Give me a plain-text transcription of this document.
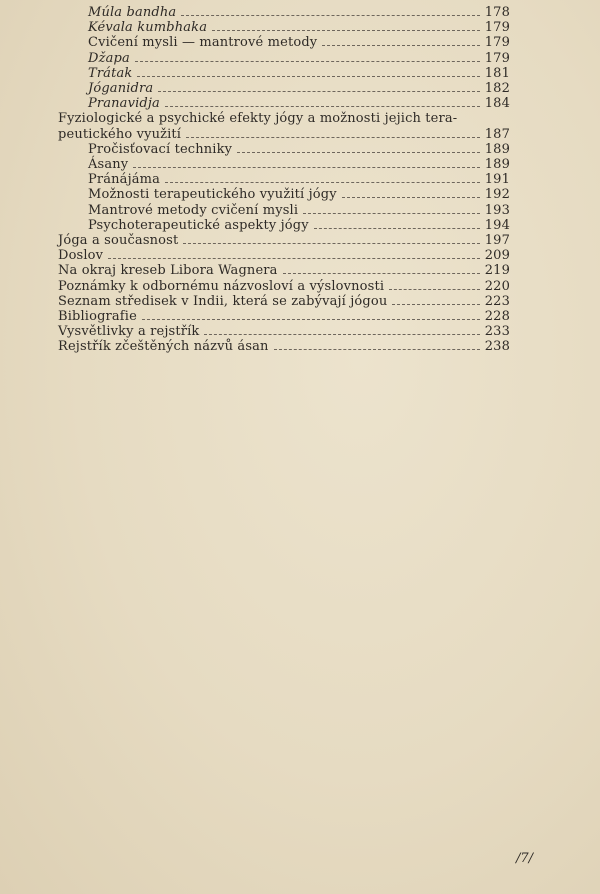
Múla bandha	178
Kévala kumbhaka	179
Cvičení mysli — mantrové metody	179
Džapa	179
Trátak	181
Jóganidra	182
Pranavidja	184
Fyziologické a psychické efekty jógy a možnosti jejich tera-
peutického využití	187
Pročisťovací techniky	189
Ásany	189
Pránájáma	191
Možnosti terapeutického využití jógy	192
Mantrové metody cvičení mysli	193
Psychoterapeutické aspekty jógy	194
Jóga a současnost	197
Doslov	209
Na okraj kreseb Libora Wagnera	219
Poznámky k odbornému názvosloví a výslovnosti	220
Seznam středisek v Indii, která se zabývají jógou	223
Bibliografie	228
Vysvětlivky a rejstřík	233
Rejstřík zčeštěných názvů ásan	238
/7/
